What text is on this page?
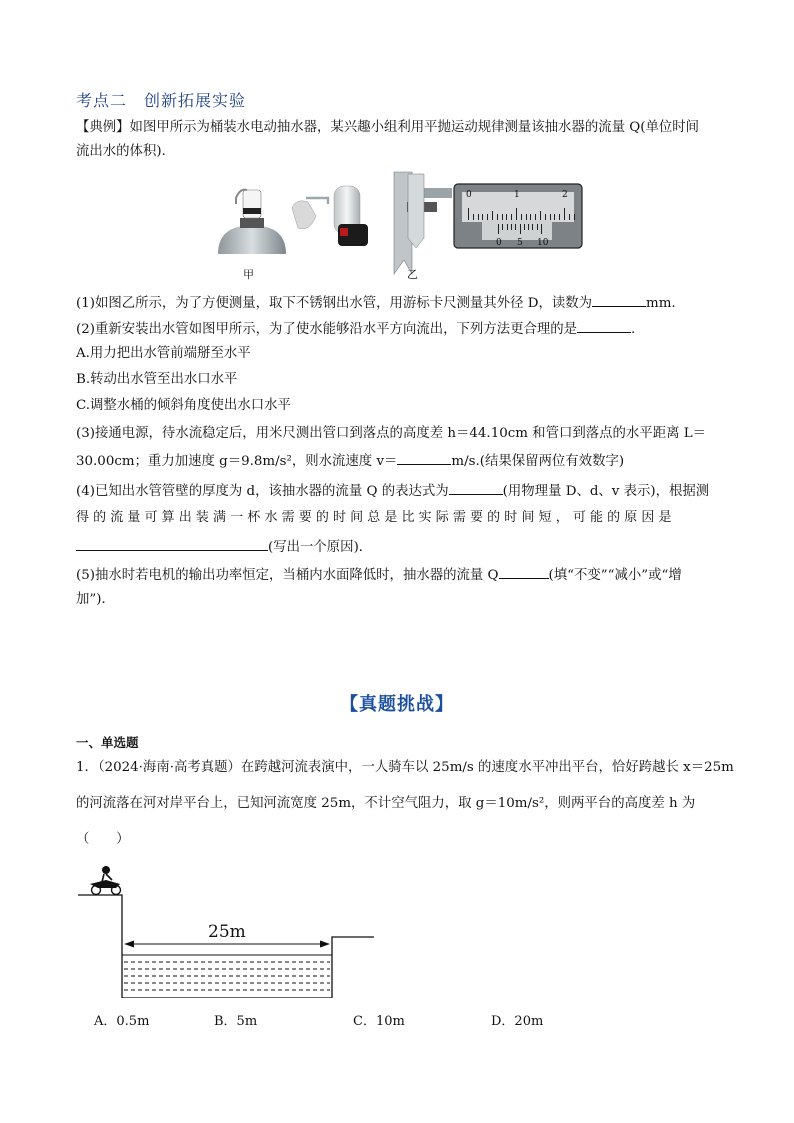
考点二　创新拓展实验
【典例】如图甲所示为桶装水电动抽水器，某兴趣小组利用平抛运动规律测量该抽水器的流量 Q(单位时间
流出水的体积)．
甲	乙
0	1	2
0 5 10
(1)如图乙所示，为了方便测量，取下不锈钢出水管，用游标卡尺测量其外径 D，读数为	mm.
(2)重新安装出水管如图甲所示，为了使水能够沿水平方向流出，下列方法更合理的是	.
A.用力把出水管前端掰至水平
B.转动出水管至出水口水平
C.调整水桶的倾斜角度使出水口水平
(3)接通电源，待水流稳定后，用米尺测出管口到落点的高度差 h＝44.10cm 和管口到落点的水平距离 L＝
30.00cm；重力加速度 g＝9.8m/s²，则水流速度 v＝	m/s.(结果保留两位有效数字)
(4)已知出水管管壁的厚度为 d，该抽水器的流量 Q 的表达式为	(用物理量 D、d、v 表示)，根据测
得 的 流 量 可 算 出 装 满 一 杯 水 需 要 的 时 间 总 是 比 实 际 需 要 的 时 间 短 ， 可 能 的 原 因 是
(写出一个原因)．
(5)抽水时若电机的输出功率恒定，当桶内水面降低时，抽水器的流量 Q	(填“不变”“减小”或“增
加”)．
【真题挑战】
一、单选题
1．（2024·海南·高考真题）在跨越河流表演中，一人骑车以 25m/s 的速度水平冲出平台，恰好跨越长 x＝25m
的河流落在河对岸平台上，已知河流宽度 25m，不计空气阻力，取 g＝10m/s²，则两平台的高度差 h 为
（　　）
25m
A．0.5m	B．5m	C．10m	D．20m
